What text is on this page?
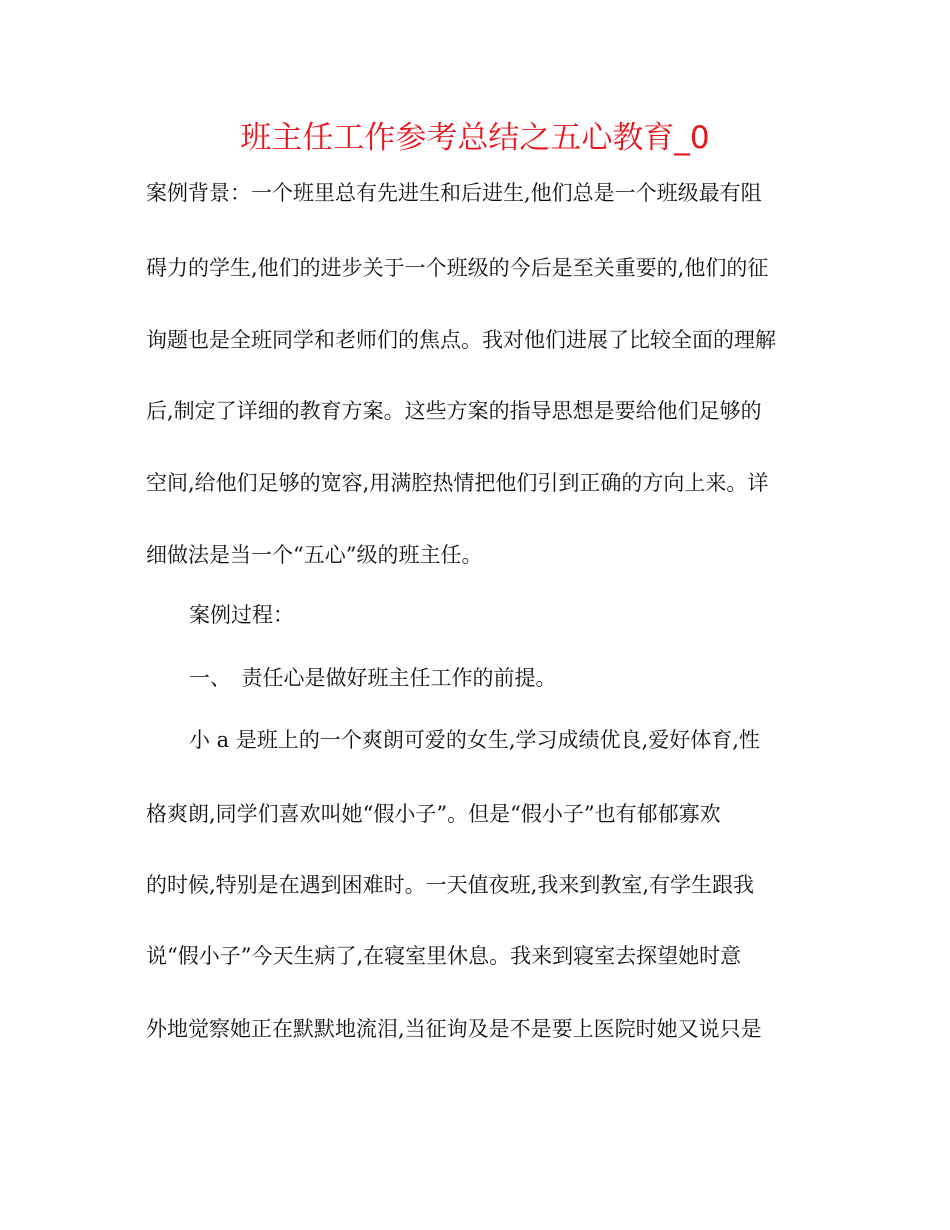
班主任工作参考总结之五心教育_0

案例背景：一个班里总有先进生和后进生,他们总是一个班级最有阻

碍力的学生,他们的进步关于一个班级的今后是至关重要的,他们的征

询题也是全班同学和老师们的焦点。我对他们进展了比较全面的理解

后,制定了详细的教育方案。这些方案的指导思想是要给他们足够的

空间,给他们足够的宽容,用满腔热情把他们引到正确的方向上来。详

细做法是当一个“五心”级的班主任。

案例过程：

一、　责任心是做好班主任工作的前提。

小 a 是班上的一个爽朗可爱的女生,学习成绩优良,爱好体育,性

格爽朗,同学们喜欢叫她“假小子”。但是“假小子”也有郁郁寡欢

的时候,特别是在遇到困难时。一天值夜班,我来到教室,有学生跟我

说“假小子”今天生病了,在寝室里休息。我来到寝室去探望她时意

外地觉察她正在默默地流泪,当征询及是不是要上医院时她又说只是
